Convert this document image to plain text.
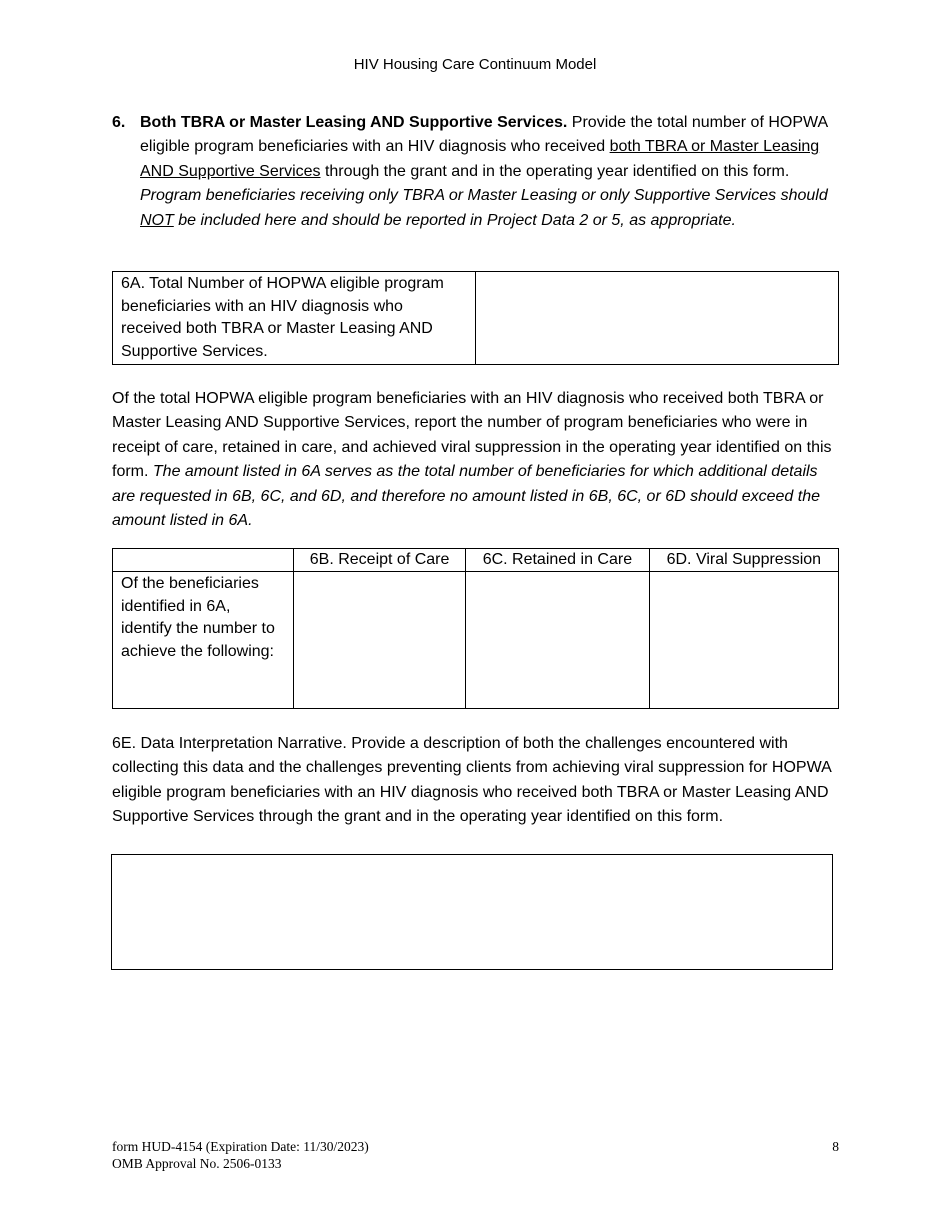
HIV Housing Care Continuum Model
6. Both TBRA or Master Leasing AND Supportive Services. Provide the total number of HOPWA eligible program beneficiaries with an HIV diagnosis who received both TBRA or Master Leasing AND Supportive Services through the grant and in the operating year identified on this form. Program beneficiaries receiving only TBRA or Master Leasing or only Supportive Services should NOT be included here and should be reported in Project Data 2 or 5, as appropriate.
6A. Total Number of HOPWA eligible program beneficiaries with an HIV diagnosis who received both TBRA or Master Leasing AND Supportive Services.	
Of the total HOPWA eligible program beneficiaries with an HIV diagnosis who received both TBRA or Master Leasing AND Supportive Services, report the number of program beneficiaries who were in receipt of care, retained in care, and achieved viral suppression in the operating year identified on this form. The amount listed in 6A serves as the total number of beneficiaries for which additional details are requested in 6B, 6C, and 6D, and therefore no amount listed in 6B, 6C, or 6D should exceed the amount listed in 6A.
	6B. Receipt of Care	6C. Retained in Care	6D. Viral Suppression
Of the beneficiaries identified in 6A, identify the number to achieve the following:			
6E. Data Interpretation Narrative. Provide a description of both the challenges encountered with collecting this data and the challenges preventing clients from achieving viral suppression for HOPWA eligible program beneficiaries with an HIV diagnosis who received both TBRA or Master Leasing AND Supportive Services through the grant and in the operating year identified on this form.
form HUD-4154 (Expiration Date: 11/30/2023)
OMB Approval No. 2506-0133
8
